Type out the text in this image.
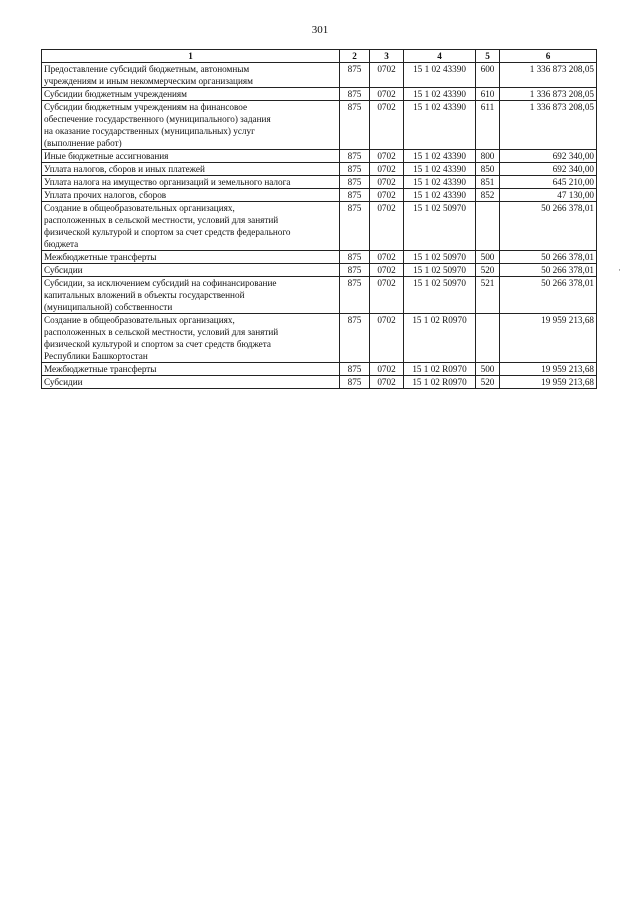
301
1	2	3	4	5	6
Предоставление субсидий бюджетным, автономным
учреждениям и иным некоммерческим организациям	875	0702	15 1 02 43390	600	1 336 873 208,05
Субсидии бюджетным учреждениям	875	0702	15 1 02 43390	610	1 336 873 208,05
Субсидии бюджетным учреждениям на финансовое
обеспечение государственного (муниципального) задания
на оказание государственных (муниципальных) услуг
(выполнение работ)	875	0702	15 1 02 43390	611	1 336 873 208,05
Иные бюджетные ассигнования	875	0702	15 1 02 43390	800	692 340,00
Уплата налогов, сборов и иных платежей	875	0702	15 1 02 43390	850	692 340,00
Уплата налога на имущество организаций и земельного налога	875	0702	15 1 02 43390	851	645 210,00
Уплата прочих налогов, сборов	875	0702	15 1 02 43390	852	47 130,00
Создание в общеобразовательных организациях,
расположенных в сельской местности, условий для занятий
физической культурой и спортом за счет средств федерального
бюджета	875	0702	15 1 02 50970		50 266 378,01
Межбюджетные трансферты	875	0702	15 1 02 50970	500	50 266 378,01
Субсидии	875	0702	15 1 02 50970	520	50 266 378,01
Субсидии, за исключением субсидий на софинансирование
капитальных вложений в объекты государственной
(муниципальной) собственности	875	0702	15 1 02 50970	521	50 266 378,01
Создание в общеобразовательных организациях,
расположенных в сельской местности, условий для занятий
физической культурой и спортом за счет средств бюджета
Республики Башкортостан	875	0702	15 1 02 R0970		19 959 213,68
Межбюджетные трансферты	875	0702	15 1 02 R0970	500	19 959 213,68
Субсидии	875	0702	15 1 02 R0970	520	19 959 213,68
·
